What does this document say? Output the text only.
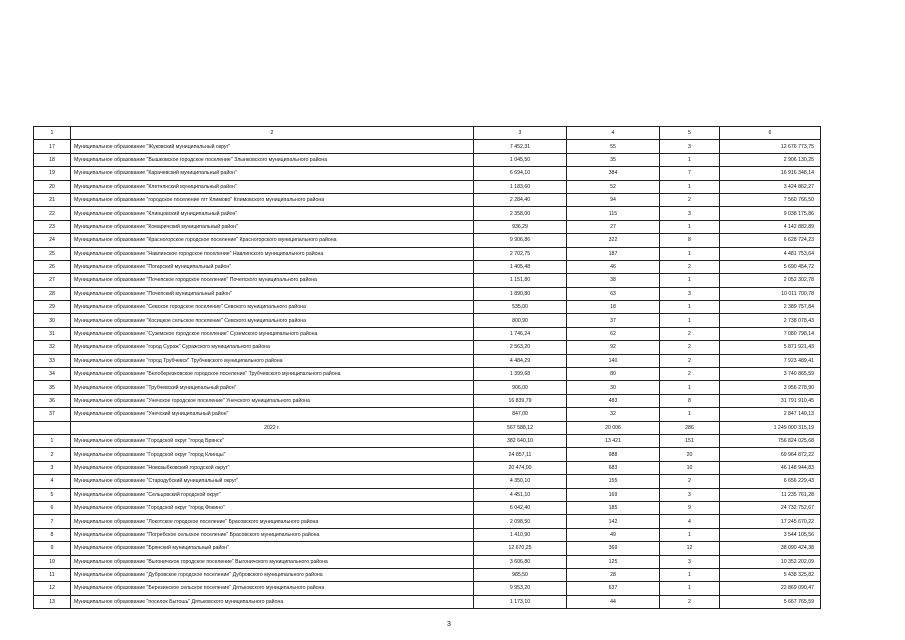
1	2	3	4	5	6
17	Муниципальное образование "Жуковский муниципальный округ"	7 452,31	55	3	12 676 773,75
18	Муниципальное образование "Вышковское городское поселение" Злынковского муниципального района	1 045,50	35	1	2 906 130,25
19	Муниципальное образование "Карачевский муниципальный район"	6 694,10	384	7	16 916 348,14
20	Муниципальное образование "Клетнянский муниципальный район"	1 183,60	52	1	3 424 862,27
21	Муниципальное образование "городское поселение пгт Климово" Климовского муниципального района	2 284,40	94	2	7 560 766,50
22	Муниципальное образование "Клинцовский муниципальный район"	2 358,00	115	3	9 038 175,86
23	Муниципальное образование "Комаричский муниципальный район"	936,29	27	1	4 142 882,89
24	Муниципальное образование "Красногорское городское поселение" Красногорского муниципального района	9 906,86	322	8	6 628 724,23
25	Муниципальное образование "Навлинское городское поселение" Навлинского муниципального района	2 702,75	187	1	4 481 753,64
26	Муниципальное образование "Погарский муниципальный район"	1 405,48	46	2	5 690 454,72
27	Муниципальное образование "Почепское городское поселение" Почепского муниципального района	1 151,80	38	1	2 052 302,78
28	Муниципальное образование "Почепский муниципальный район"	1 890,80	63	3	10 011 700,78
29	Муниципальное образование "Севское городское поселение" Севского муниципального района	535,00	18	1	2 389 757,84
30	Муниципальное образование "Косицкое сельское поселение" Севского муниципального района	800,90	37	1	2 738 078,43
31	Муниципальное образование "Суземское городское поселение" Суземского муниципального района	1 746,24	62	2	7 080 798,14
32	Муниципальное образование "город Сураж" Суражского муниципального района	2 563,20	92	2	5 871 921,43
33	Муниципальное образование "город Трубчевск" Трубчевского муниципального района	4 484,29	140	2	7 923 489,41
34	Муниципальное образование "Белоберезковское городское поселение" Трубчевского муниципального района	1 399,68	80	2	3 740 865,59
35	Муниципальное образование "Трубчевский муниципальный район"	906,00	30	1	3 956 278,90
36	Муниципальное образование "Унечское городское поселение" Унечского муниципального района	16 839,79	483	8	31 791 910,45
37	Муниципальное образование "Унечский муниципальный район"	847,00	32	1	2 847 140,13
	2022 г.	567 588,12	20 006	286	1 249 000 315,19
1	Муниципальное образование "Городской округ "город Брянск"	382 640,10	13 421	151	756 824 025,68
2	Муниципальное образование "Городской округ "город Клинцы"	24 857,11	988	20	69 964 872,22
3	Муниципальное образование "Новозыбковский городской округ"	20 474,00	683	10	46 148 944,83
4	Муниципальное образование "Стародубский муниципальный округ"	4 350,10	155	2	6 656 229,43
5	Муниципальное образование "Сельцовский городской округ"	4 451,10	169	3	11 235 761,28
6	Муниципальное образование "Городской округ "город Фокино"	6 042,40	185	9	24 732 752,67
7	Муниципальное образование "Локотское городское поселение" Брасовского муниципального района	2 098,50	142	4	17 245 670,22
8	Муниципальное образование "Погребское сельское поселение" Брасовского муниципального района	1 410,90	49	1	3 544 105,56
9	Муниципальное образование "Брянский муниципальный район"	12 670,25	369	12	38 090 424,38
10	Муниципальное образование "Выгоничское городское поселение" Выгоничского муниципального района	3 606,80	125	3	10 352 202,09
11	Муниципальное образование "Дубровское городское поселение" Дубровского муниципального района	985,50	28	1	5 438 325,82
12	Муниципальное образование "Березинское сельское поселение" Дятьковского муниципального района	9 953,20	637	1	22 869 090,47
13	Муниципальное образование "поселок Бытошь" Дятьковского муниципального района	1 173,10	44	2	5 667 765,59
3
